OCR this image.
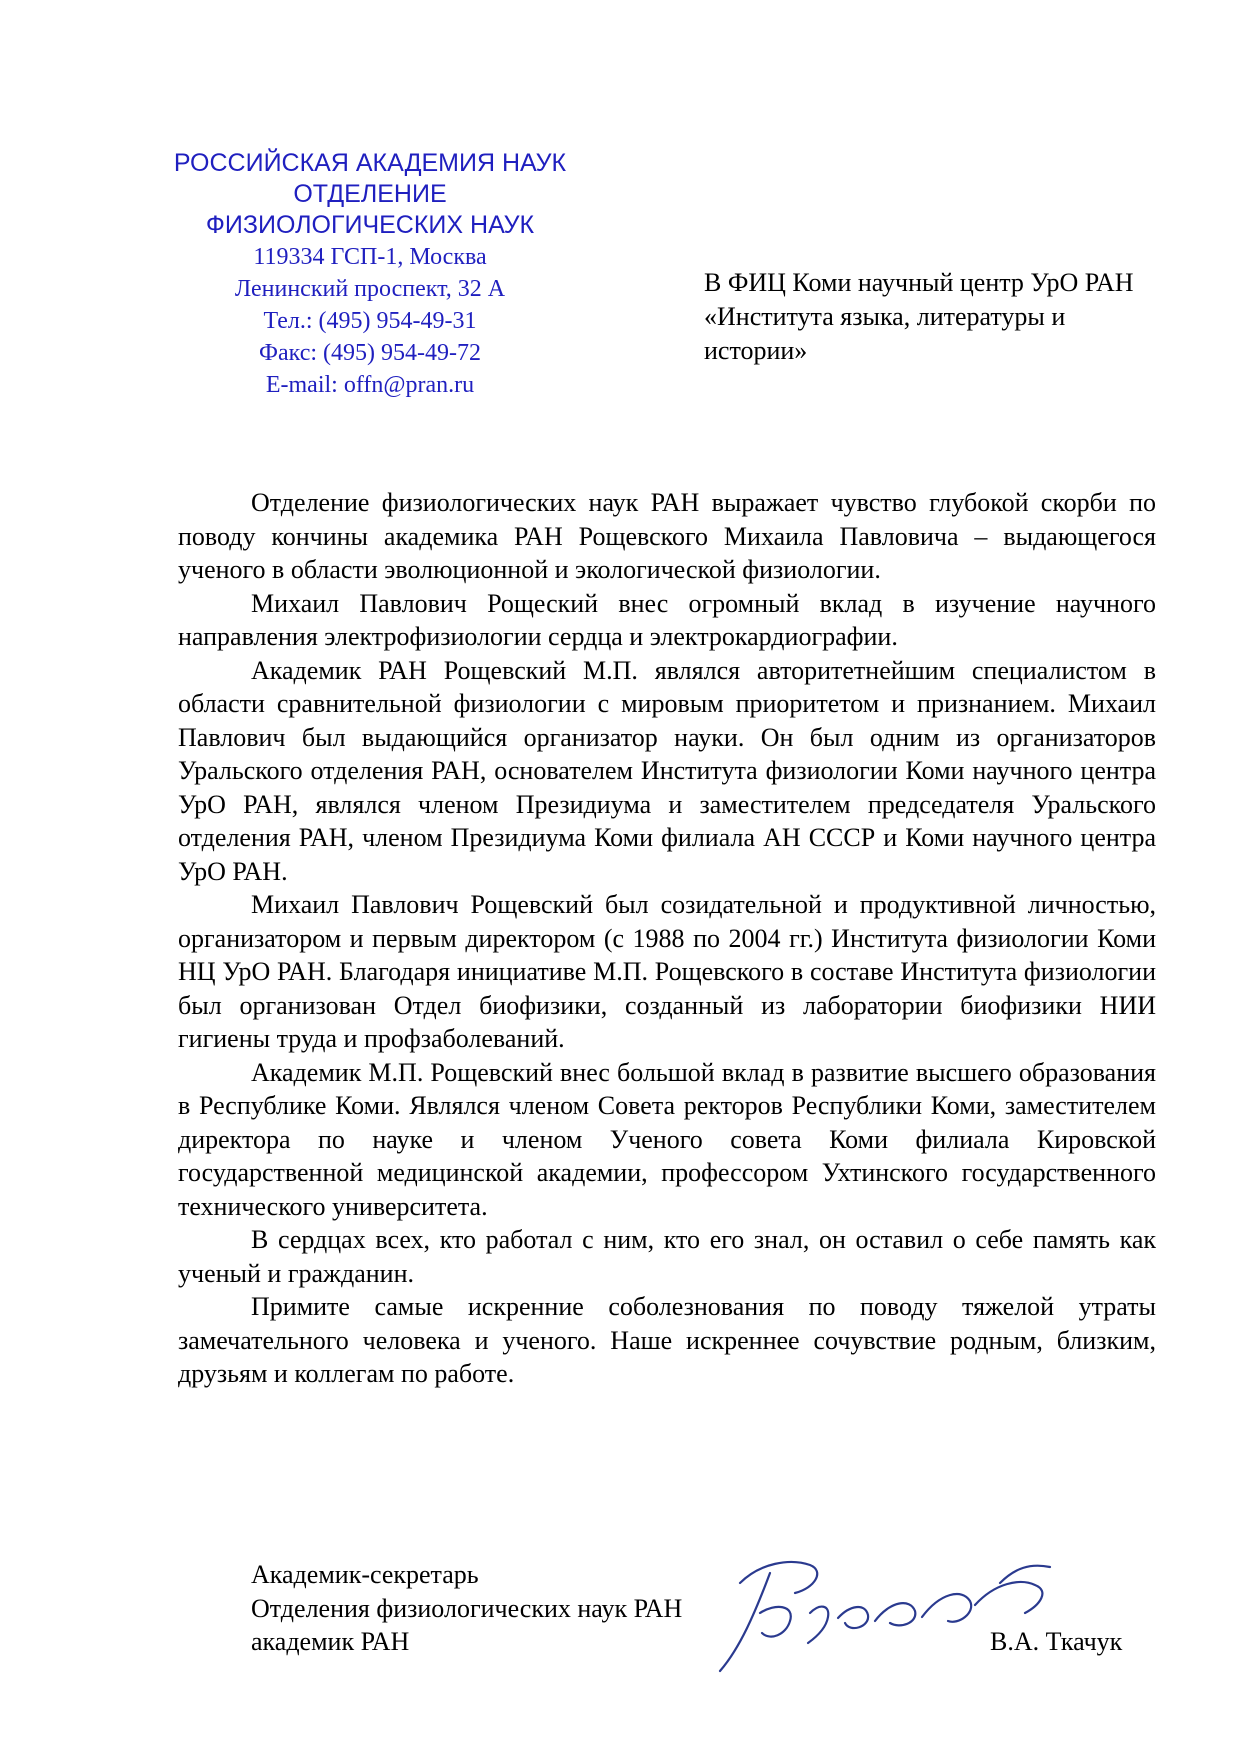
РОССИЙСКАЯ АКАДЕМИЯ НАУК
ОТДЕЛЕНИЕ
ФИЗИОЛОГИЧЕСКИХ НАУК
119334 ГСП-1, Москва
Ленинский проспект, 32 А
Тел.: (495) 954-49-31
Факс: (495) 954-49-72
E-mail: offn@pran.ru
В ФИЦ Коми научный центр УрО РАН «Института языка, литературы и истории»

Отделение физиологических наук РАН выражает чувство глубокой скорби по поводу кончины академика РАН Рощевского Михаила Павловича – выдающегося ученого в области эволюционной и экологической физиологии.

Михаил Павлович Рощеский внес огромный вклад в изучение научного направления электрофизиологии сердца и электрокардиографии.

Академик РАН Рощевский М.П. являлся авторитетнейшим специалистом в области сравнительной физиологии с мировым приоритетом и признанием. Михаил Павлович был выдающийся организатор науки. Он был одним из организаторов Уральского отделения РАН, основателем Института физиологии Коми научного центра УрО РАН, являлся членом Президиума и заместителем председателя Уральского отделения РАН, членом Президиума Коми филиала АН СССР и Коми научного центра УрО РАН.

Михаил Павлович Рощевский был созидательной и продуктивной личностью, организатором и первым директором (с 1988 по 2004 гг.) Института физиологии Коми НЦ УрО РАН. Благодаря инициативе М.П. Рощевского в составе Института физиологии был организован Отдел биофизики, созданный из лаборатории биофизики НИИ гигиены труда и профзаболеваний.

Академик М.П. Рощевский внес большой вклад в развитие высшего образования в Республике Коми. Являлся членом Совета ректоров Республики Коми, заместителем директора по науке и членом Ученого совета Коми филиала Кировской государственной медицинской академии, профессором Ухтинского государственного технического университета.

В сердцах всех, кто работал с ним, кто его знал, он оставил о себе память как ученый и гражданин.

Примите самые искренние соболезнования по поводу тяжелой утраты замечательного человека и ученого. Наше искреннее сочувствие родным, близким, друзьям и коллегам по работе.

Академик-секретарь
Отделения физиологических наук РАН
академик РАН	В.А. Ткачук
